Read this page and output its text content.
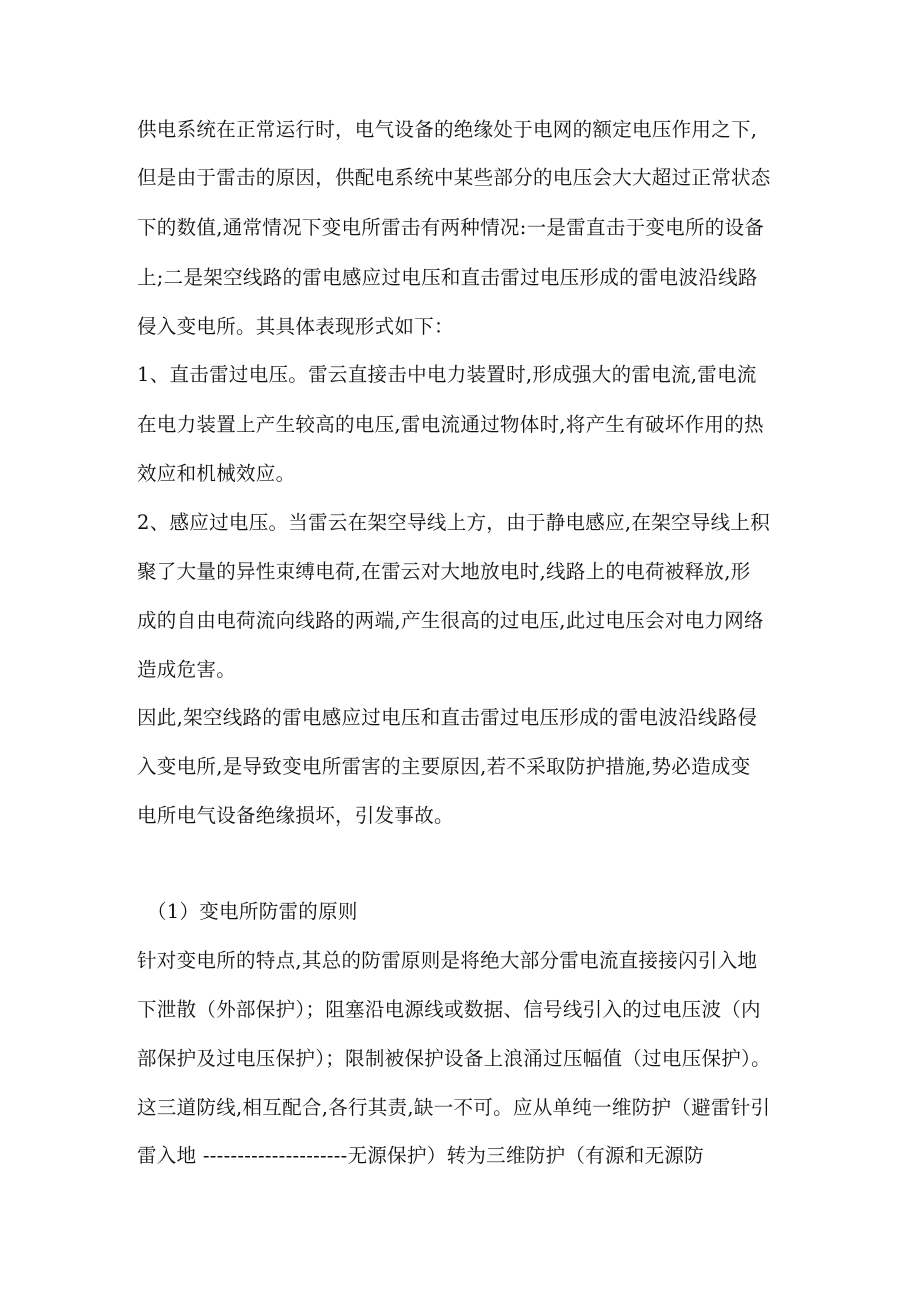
供电系统在正常运行时，电气设备的绝缘处于电网的额定电压作用之下,
但是由于雷击的原因，供配电系统中某些部分的电压会大大超过正常状态
下的数值,通常情况下变电所雷击有两种情况:一是雷直击于变电所的设备
上;二是架空线路的雷电感应过电压和直击雷过电压形成的雷电波沿线路
侵入变电所。其具体表现形式如下：
1、直击雷过电压。雷云直接击中电力装置时,形成强大的雷电流,雷电流
在电力装置上产生较高的电压,雷电流通过物体时,将产生有破坏作用的热
效应和机械效应。
2、感应过电压。当雷云在架空导线上方，由于静电感应,在架空导线上积
聚了大量的异性束缚电荷,在雷云对大地放电时,线路上的电荷被释放,形
成的自由电荷流向线路的两端,产生很高的过电压,此过电压会对电力网络
造成危害。
因此,架空线路的雷电感应过电压和直击雷过电压形成的雷电波沿线路侵
入变电所,是导致变电所雷害的主要原因,若不采取防护措施,势必造成变
电所电气设备绝缘损坏，引发事故。
（1）变电所防雷的原则
针对变电所的特点,其总的防雷原则是将绝大部分雷电流直接接闪引入地
下泄散（外部保护）；阻塞沿电源线或数据、信号线引入的过电压波（内
部保护及过电压保护）；限制被保护设备上浪涌过压幅值（过电压保护）。
这三道防线,相互配合,各行其责,缺一不可。应从单纯一维防护（避雷针引
雷入地 ---------------------无源保护）转为三维防护（有源和无源防
